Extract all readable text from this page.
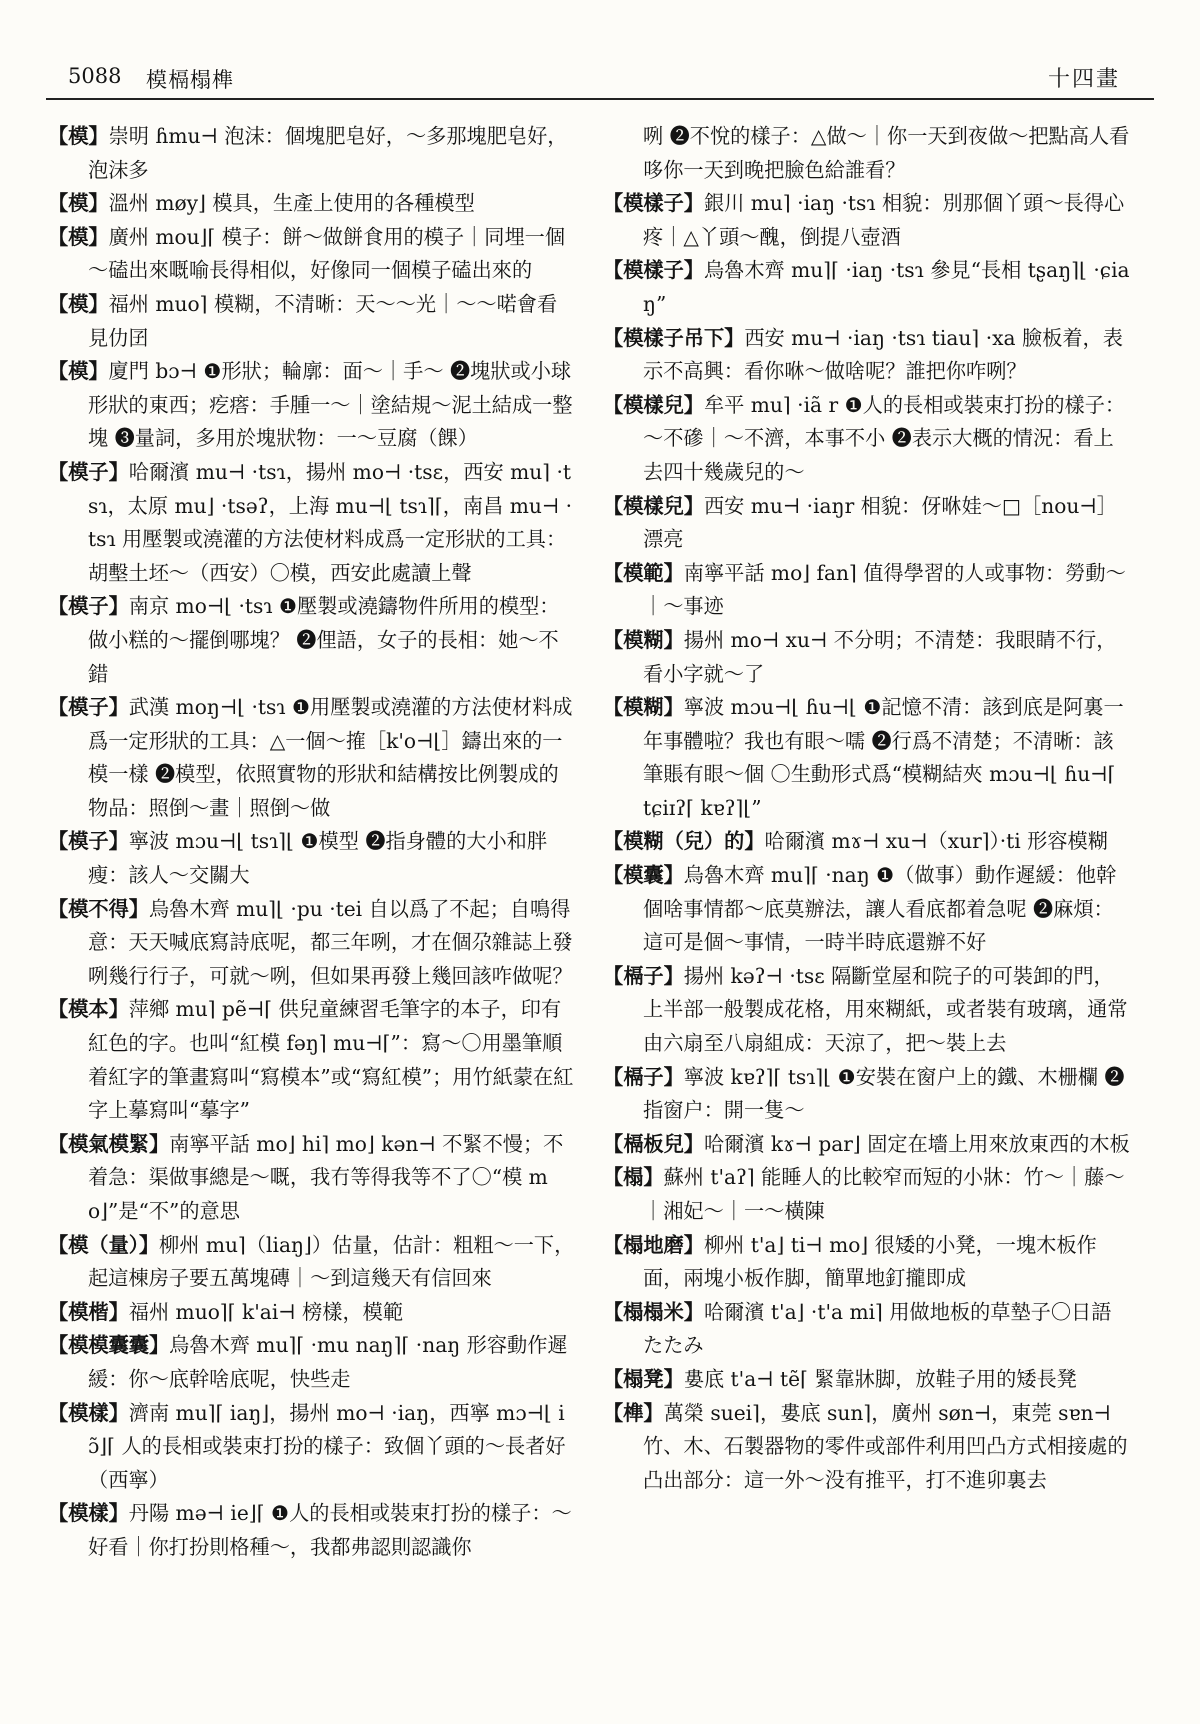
5088 模槅榻榫	十四畫

【模】崇明 ɦmu⊣ 泡沫：個塊肥皂好，～多那塊肥皂好，泡沫多

【模】溫州 møy⌋ 模具，生產上使用的各種模型

【模】廣州 mou⌋⌈ 模子：餅～做餅食用的模子｜同埋一個～磕出來嘅喻長得相似，好像同一個模子磕出來的

【模】福州 muo⌉ 模糊，不清晰：天～～光｜～～喏會看見仂囝

【模】廈門 bɔ⊣ ❶形狀；輪廓：面～｜手～ ❷塊狀或小球形狀的東西；疙瘩：手腫一～｜塗結規～泥土結成一整塊 ❸量詞，多用於塊狀物：一～豆腐（餜）

【模子】哈爾濱 mu⊣ ·tsɿ，揚州 mo⊣ ·tsɛ，西安 mu⌉ ·tsɿ，太原 mu⌋ ·tsəʔ，上海 mu⊣⌊ tsɿ⌉⌈，南昌 mu⊣ ·tsɿ 用壓製或澆灌的方法使材料成爲一定形狀的工具：胡墼土坯～（西安）〇模，西安此處讀上聲

【模子】南京 mo⊣⌊ ·tsɿ ❶壓製或澆鑄物件所用的模型：做小糕的～擺倒哪塊？ ❷俚語，女子的長相：她～不錯

【模子】武漢 moŋ⊣⌊ ·tsɿ ❶用壓製或澆灌的方法使材料成爲一定形狀的工具：△一個～搉［k'o⊣⌊］鑄出來的一模一樣 ❷模型，依照實物的形狀和結構按比例製成的物品：照倒～畫｜照倒～做

【模子】寧波 mɔu⊣⌊ tsɿ⌉⌊ ❶模型 ❷指身體的大小和胖瘦：該人～交關大

【模不得】烏魯木齊 mu⌉⌊ ·pu ·tei 自以爲了不起；自鳴得意：天天喊底寫詩底呢，都三年咧，才在個尕雜誌上發咧幾行行子，可就～咧，但如果再發上幾回該咋做呢？

【模本】萍鄉 mu⌉ pẽ⊣⌈ 供兒童練習毛筆字的本子，印有紅色的字。也叫“紅模 fəŋ⌉ mu⊣⌈”：寫～〇用墨筆順着紅字的筆畫寫叫“寫模本”或“寫紅模”；用竹紙蒙在紅字上摹寫叫“摹字”

【模氣模緊】南寧平話 mo⌋ hi⌉ mo⌋ kən⊣ 不緊不慢；不着急：渠做事總是～嘅，我冇等得我等不了〇“模 mo⌋”是“不”的意思

【模（量）】柳州 mu⌉（liaŋ⌋）估量，估計：粗粗～一下，起這棟房子要五萬塊磚｜～到這幾天有信回來

【模楷】福州 muo⌉⌈ k'ai⊣ 榜樣，模範

【模模囊囊】烏魯木齊 mu⌉⌈ ·mu naŋ⌉⌈ ·naŋ 形容動作遲緩：你～底幹啥底呢，快些走

【模樣】濟南 mu⌉⌈ iaŋ⌋，揚州 mo⊣ ·iaŋ，西寧 mɔ⊣⌊ iɔ̃⌋⌈ 人的長相或裝束打扮的樣子：致個丫頭的～長者好（西寧）

【模樣】丹陽 mə⊣ ie⌋⌈ ❶人的長相或裝束打扮的樣子：～好看｜你打扮則格種～，我都弗認則認識你

咧 ❷不悅的樣子：△做～｜你一天到夜做～把點高人看哆你一天到晚把臉色給誰看？

【模樣子】銀川 mu⌉ ·iaŋ ·tsɿ 相貌：別那個丫頭～長得心疼｜△丫頭～醜，倒提八壺酒

【模樣子】烏魯木齊 mu⌉⌈ ·iaŋ ·tsɿ 參見“長相 tʂaŋ⌉⌊ ·ɕiaŋ”

【模樣子吊下】西安 mu⊣ ·iaŋ ·tsɿ tiau⌉ ·xa 臉板着，表示不高興：看你咻～做啥呢？誰把你咋咧？

【模樣兒】牟平 mu⌉ ·iã r ❶人的長相或裝束打扮的樣子：～不磣｜～不濟，本事不小 ❷表示大概的情況：看上去四十幾歲兒的～

【模樣兒】西安 mu⊣ ·iaŋr 相貌：伢咻娃～□［nou⊣］漂亮

【模範】南寧平話 mo⌋ fan⌉ 值得學習的人或事物：勞動～｜～事迹

【模糊】揚州 mo⊣ xu⊣ 不分明；不清楚：我眼睛不行，看小字就～了

【模糊】寧波 mɔu⊣⌊ ɦu⊣⌊ ❶記憶不清：該到底是阿裏一年事體啦？我也有眼～嚅 ❷行爲不清楚；不清晰：該筆賬有眼～個 〇生動形式爲“模糊結夾 mɔu⊣⌊ ɦu⊣⌈ tɕiɪʔ⌈ kɐʔ⌉⌊”

【模糊（兒）的】哈爾濱 mɤ⊣ xu⊣（xur⌉）·ti 形容模糊

【模囊】烏魯木齊 mu⌉⌈ ·naŋ ❶（做事）動作遲緩：他幹個啥事情都～底莫辦法，讓人看底都着急呢 ❷麻煩：這可是個～事情，一時半時底還辦不好

【槅子】揚州 kəʔ⊣ ·tsɛ 隔斷堂屋和院子的可裝卸的門，上半部一般製成花格，用來糊紙，或者裝有玻璃，通常由六扇至八扇組成：天涼了，把～裝上去

【槅子】寧波 kɐʔ⌉⌈ tsɿ⌉⌊ ❶安裝在窗户上的鐵、木栅欄 ❷指窗户：開一隻～

【槅板兒】哈爾濱 kɤ⊣ par⌋ 固定在墻上用來放東西的木板

【榻】蘇州 t'aʔ⌉ 能睡人的比較窄而短的小牀：竹～｜藤～｜湘妃～｜一～橫陳

【榻地磨】柳州 t'a⌋ ti⊣ mo⌋ 很矮的小凳，一塊木板作面，兩塊小板作脚，簡單地釘攏即成

【榻榻米】哈爾濱 t'a⌋ ·t'a mi⌉ 用做地板的草墊子〇日語たたみ

【榻凳】婁底 t'a⊣ tẽ⌈ 緊靠牀脚，放鞋子用的矮長凳

【榫】萬榮 suei⌉，婁底 sun⌉，廣州 søn⊣，東莞 sɐn⊣ 竹、木、石製器物的零件或部件利用凹凸方式相接處的凸出部分：這一外～没有推平，打不進卯裏去
